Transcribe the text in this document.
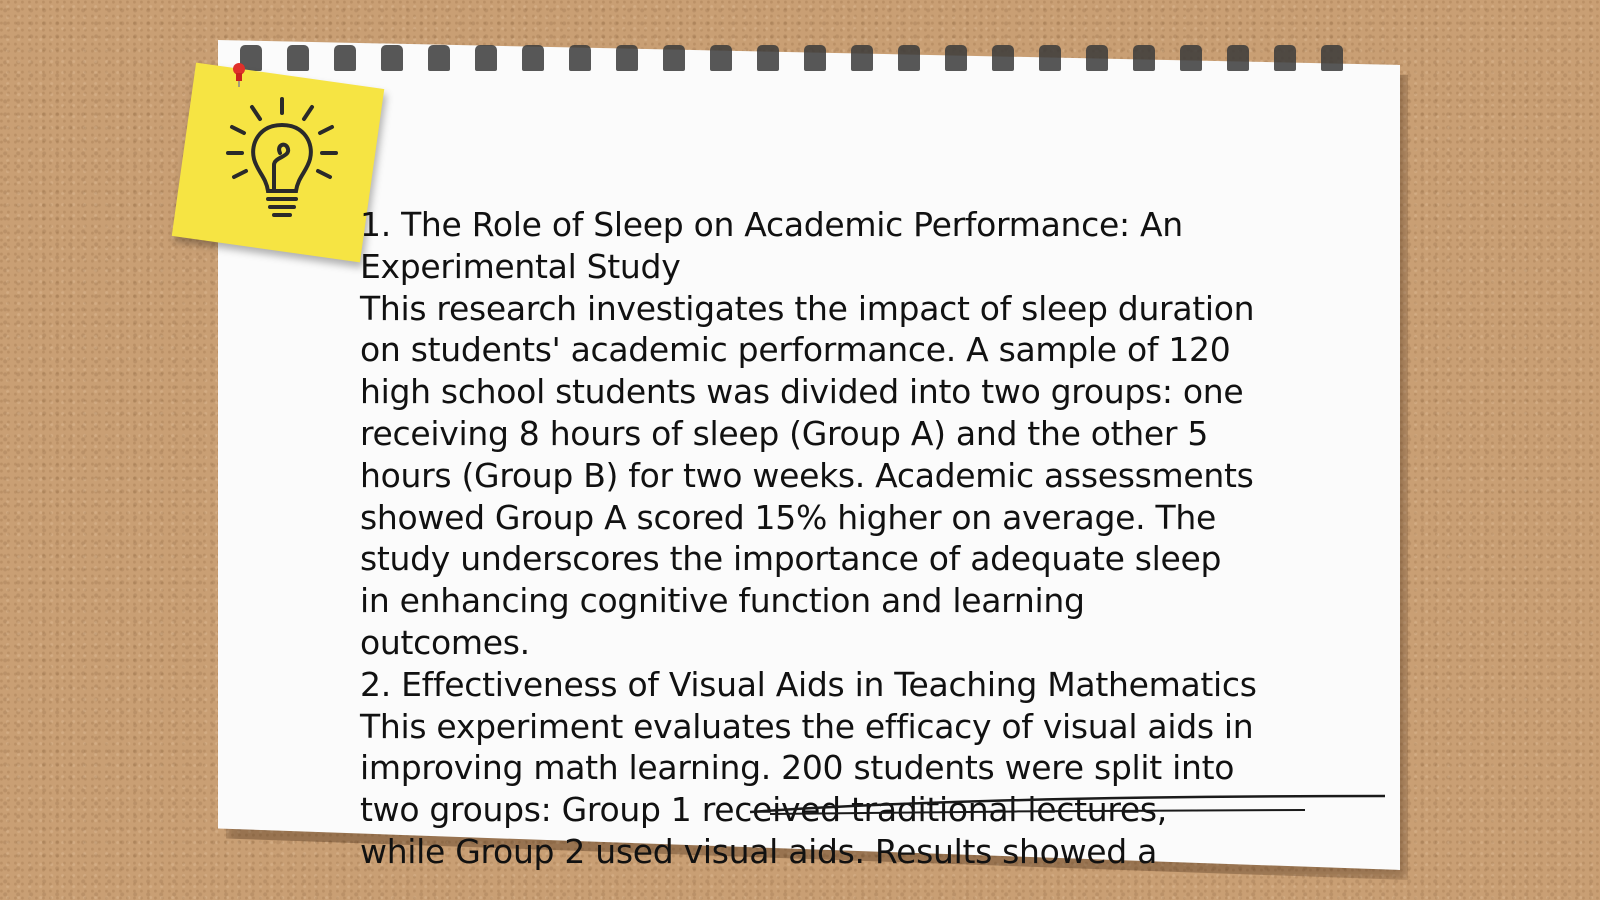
1. The Role of Sleep on Academic Performance: An Experimental Study

This research investigates the impact of sleep duration on students' academic performance. A sample of 120 high school students was divided into two groups: one receiving 8 hours of sleep (Group A) and the other 5 hours (Group B) for two weeks. Academic assessments showed Group A scored 15% higher on average. The study underscores the importance of adequate sleep in enhancing cognitive function and learning outcomes.

2. Effectiveness of Visual Aids in Teaching Mathematics

This experiment evaluates the efficacy of visual aids in improving math learning. 200 students were split into two groups: Group 1 received traditional lectures, while Group 2 used visual aids. Results showed a
